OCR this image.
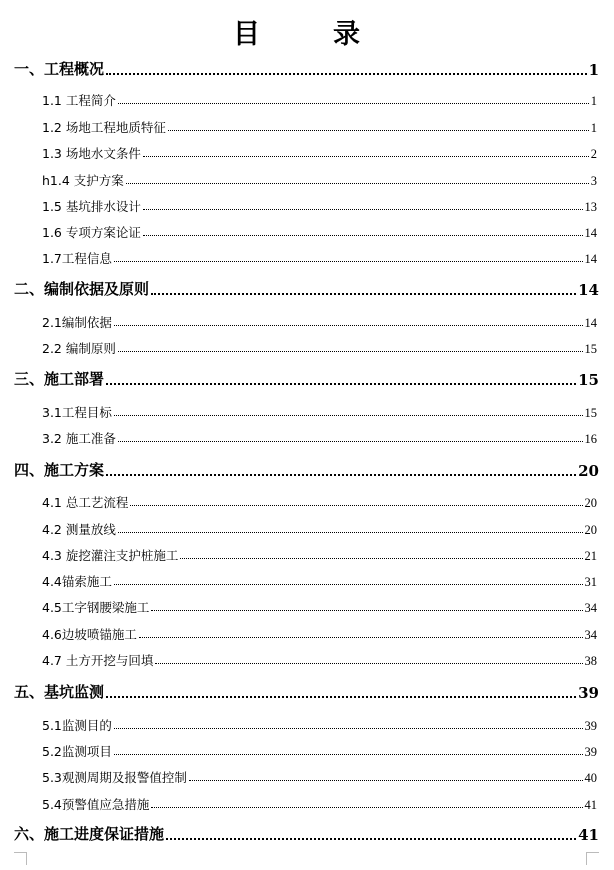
目	录
一、工程概况	1
1.1 工程简介	1
1.2 场地工程地质特征	1
1.3 场地水文条件	2
h1.4 支护方案	3
1.5 基坑排水设计	13
1.6 专项方案论证	14
1.7工程信息	14
二、编制依据及原则	14
2.1编制依据	14
2.2 编制原则	15
三、施工部署	15
3.1工程目标	15
3.2 施工准备	16
四、施工方案	20
4.1 总工艺流程	20
4.2 测量放线	20
4.3 旋挖灌注支护桩施工	21
4.4锚索施工	31
4.5工字钢腰梁施工	34
4.6边坡喷锚施工	34
4.7 土方开挖与回填	38
五、基坑监测	39
5.1监测目的	39
5.2监测项目	39
5.3观测周期及报警值控制	40
5.4预警值应急措施	41
六、施工进度保证措施	41
